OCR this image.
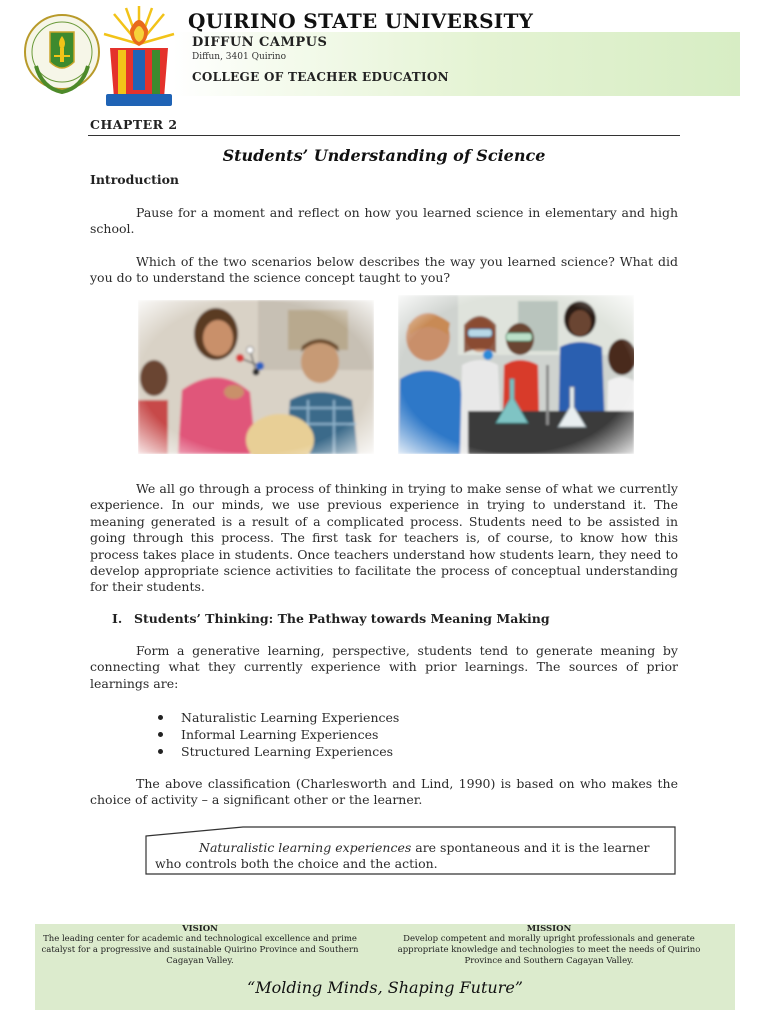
QUIRINO STATE UNIVERSITY
DIFFUN CAMPUS
Diffun, 3401 Quirino
COLLEGE OF TEACHER EDUCATION
CHAPTER 2
Students’ Understanding of Science
Introduction
Pause for a moment and reflect on how you learned science in elementary and high school.
Which of the two scenarios below describes the way you learned science? What did you do to understand the science concept taught to you?
We all go through a process of thinking in trying to make sense of what we currently experience. In our minds, we use previous experience in trying to understand it. The meaning generated is a result of a complicated process. Students need to be assisted in going through this process. The first task for teachers is, of course, to know how this process takes place in students. Once teachers understand how students learn, they need to develop appropriate science activities to facilitate the process of conceptual understanding for their students.
I. Students’ Thinking: The Pathway towards Meaning Making
Form a generative learning, perspective, students tend to generate meaning by connecting what they currently experience with prior learnings. The sources of prior learnings are:
Naturalistic Learning Experiences
Informal Learning Experiences
Structured Learning Experiences
The above classification (Charlesworth and Lind, 1990) is based on who makes the choice of activity – a significant other or the learner.
Naturalistic learning experiences are spontaneous and it is the learner who controls both the choice and the action.
VISION
The leading center for academic and technological excellence and prime catalyst for a progressive and sustainable Quirino Province and Southern Cagayan Valley.
MISSION
Develop competent and morally upright professionals and generate appropriate knowledge and technologies to meet the needs of Quirino Province and Southern Cagayan Valley.
“Molding Minds, Shaping Future”
